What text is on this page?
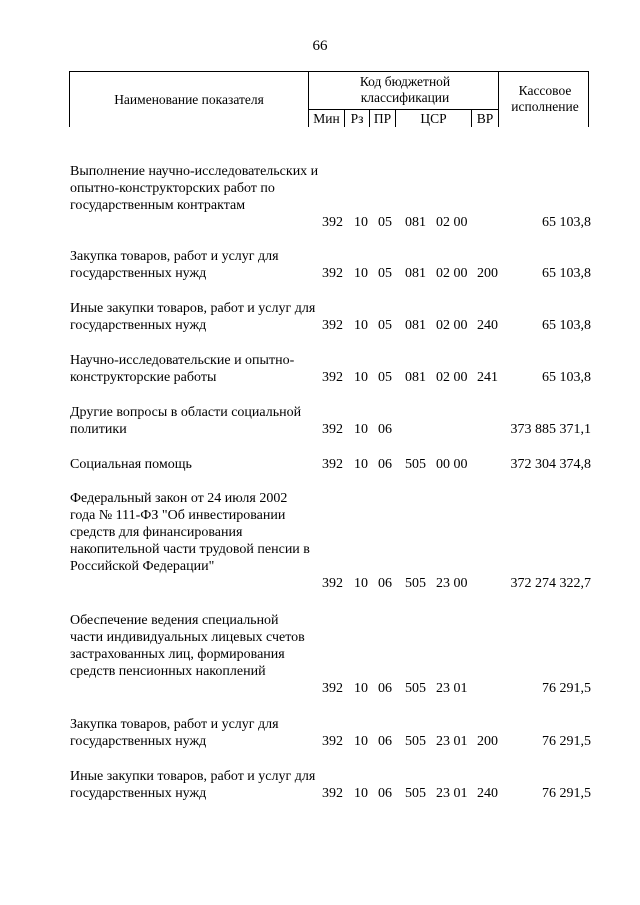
66
Наименование показателя
Код бюджетной классификации
Мин Рз ПР	ЦСР	ВР
Кассовое исполнение
Выполнение научно-исследовательских и опытно-конструкторских работ по государственным контрактам
392 10 05 081 02 00	65 103,8
Закупка товаров, работ и услуг для государственных нужд	392 10 05 081 02 00 200	65 103,8
Иные закупки товаров, работ и услуг для государственных нужд	392 10 05 081 02 00 240	65 103,8
Научно-исследовательские и опытно-конструкторские работы	392 10 05 081 02 00 241	65 103,8
Другие вопросы в области социальной политики	392 10 06	373 885 371,1
Социальная помощь	392 10 06 505 00 00	372 304 374,8
Федеральный закон от 24 июля 2002 года № 111-ФЗ "Об инвестировании средств для финансирования накопительной части трудовой пенсии в Российской Федерации"
392 10 06 505 23 00	372 274 322,7
Обеспечение ведения специальной части индивидуальных лицевых счетов застрахованных лиц, формирования средств пенсионных накоплений
392 10 06 505 23 01	76 291,5
Закупка товаров, работ и услуг для государственных нужд	392 10 06 505 23 01 200	76 291,5
Иные закупки товаров, работ и услуг для государственных нужд	392 10 06 505 23 01 240	76 291,5
